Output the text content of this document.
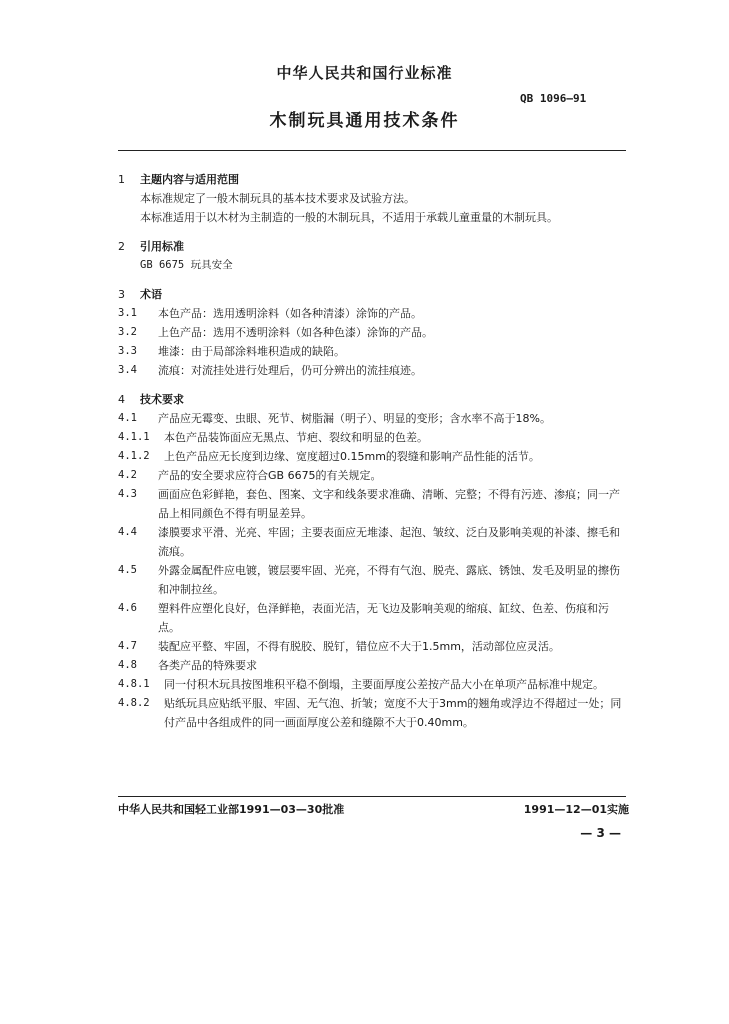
中华人民共和国行业标准
QB 1096—91
木制玩具通用技术条件
1	主题内容与适用范围
本标准规定了一般木制玩具的基本技术要求及试验方法。
本标准适用于以木材为主制造的一般的木制玩具，不适用于承载儿童重量的木制玩具。
2	引用标准
GB 6675 玩具安全
3	术语
3.1	本色产品：选用透明涂料（如各种清漆）涂饰的产品。
3.2	上色产品：选用不透明涂料（如各种色漆）涂饰的产品。
3.3	堆漆：由于局部涂料堆积造成的缺陷。
3.4	流痕：对流挂处进行处理后，仍可分辨出的流挂痕迹。
4	技术要求
4.1	产品应无霉变、虫眼、死节、树脂漏（明子）、明显的变形；含水率不高于18%。
4.1.1	本色产品装饰面应无黑点、节疤、裂纹和明显的色差。
4.1.2	上色产品应无长度到边缘、宽度超过0.15mm的裂缝和影响产品性能的活节。
4.2	产品的安全要求应符合GB 6675的有关规定。
4.3	画面应色彩鲜艳，套色、图案、文字和线条要求准确、清晰、完整；不得有污迹、渗痕；同一产品上相同颜色不得有明显差异。
4.4	漆膜要求平滑、光亮、牢固；主要表面应无堆漆、起泡、皱纹、泛白及影响美观的补漆、擦毛和流痕。
4.5	外露金属配件应电镀，镀层要牢固、光亮，不得有气泡、脱壳、露底、锈蚀、发毛及明显的擦伤和冲制拉丝。
4.6	塑料件应塑化良好，色泽鲜艳，表面光洁，无飞边及影响美观的缩痕、缸纹、色差、伤痕和污点。
4.7	装配应平整、牢固，不得有脱胶、脱钉，错位应不大于1.5mm，活动部位应灵活。
4.8	各类产品的特殊要求
4.8.1	同一付积木玩具按图堆积平稳不倒塌，主要面厚度公差按产品大小在单项产品标准中规定。
4.8.2	贴纸玩具应贴纸平服、牢固、无气泡、折皱；宽度不大于3mm的翘角或浮边不得超过一处；同付产品中各组成件的同一画面厚度公差和缝隙不大于0.40mm。
中华人民共和国轻工业部1991—03—30批准	1991—12—01实施
— 3 —
